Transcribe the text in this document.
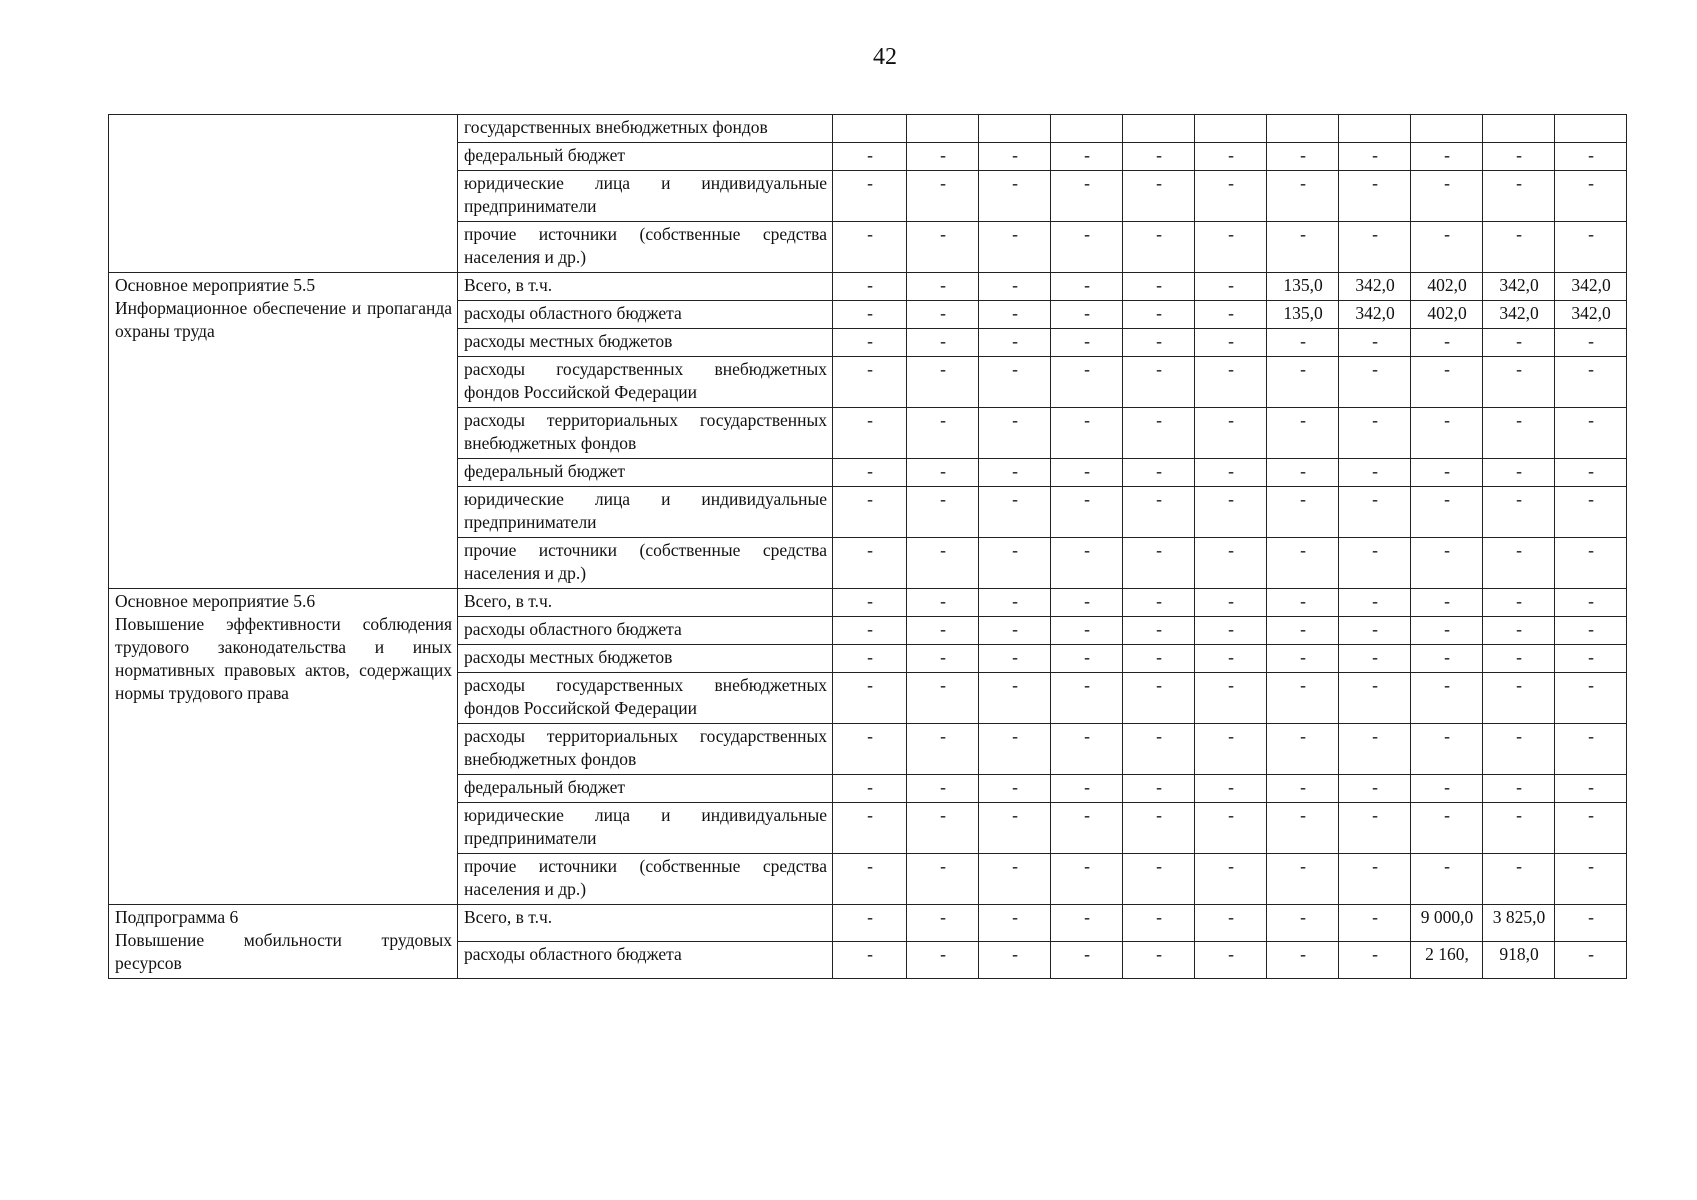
42
	государственных внебюджетных фондов											
	федеральный бюджет	-	-	-	-	-	-	-	-	-	-	-
	юридические лица и индивидуальные предприниматели	-	-	-	-	-	-	-	-	-	-	-
	прочие источники (собственные средства населения и др.)	-	-	-	-	-	-	-	-	-	-	-

Основное мероприятие 5.5
Информационное обеспечение и пропаганда охраны труда	Всего, в т.ч.	-	-	-	-	-	-	135,0	342,0	402,0	342,0	342,0
	расходы областного бюджета	-	-	-	-	-	-	135,0	342,0	402,0	342,0	342,0
	расходы местных бюджетов	-	-	-	-	-	-	-	-	-	-	-
	расходы государственных внебюджетных фондов Российской Федерации	-	-	-	-	-	-	-	-	-	-	-
	расходы территориальных государственных внебюджетных фондов	-	-	-	-	-	-	-	-	-	-	-
	федеральный бюджет	-	-	-	-	-	-	-	-	-	-	-
	юридические лица и индивидуальные предприниматели	-	-	-	-	-	-	-	-	-	-	-
	прочие источники (собственные средства населения и др.)	-	-	-	-	-	-	-	-	-	-	-

Основное мероприятие 5.6
Повышение эффективности соблюдения трудового законодательства и иных нормативных правовых актов, содержащих нормы трудового права	Всего, в т.ч.	-	-	-	-	-	-	-	-	-	-	-
	расходы областного бюджета	-	-	-	-	-	-	-	-	-	-	-
	расходы местных бюджетов	-	-	-	-	-	-	-	-	-	-	-
	расходы государственных внебюджетных фондов Российской Федерации	-	-	-	-	-	-	-	-	-	-	-
	расходы территориальных государственных внебюджетных фондов	-	-	-	-	-	-	-	-	-	-	-
	федеральный бюджет	-	-	-	-	-	-	-	-	-	-	-
	юридические лица и индивидуальные предприниматели	-	-	-	-	-	-	-	-	-	-	-
	прочие источники (собственные средства населения и др.)	-	-	-	-	-	-	-	-	-	-	-

Подпрограмма 6
Повышение мобильности трудовых ресурсов	Всего, в т.ч.	-	-	-	-	-	-	-	-	9 000,0	3 825,0	-
	расходы областного бюджета	-	-	-	-	-	-	-	-	2 160,	918,0	-
